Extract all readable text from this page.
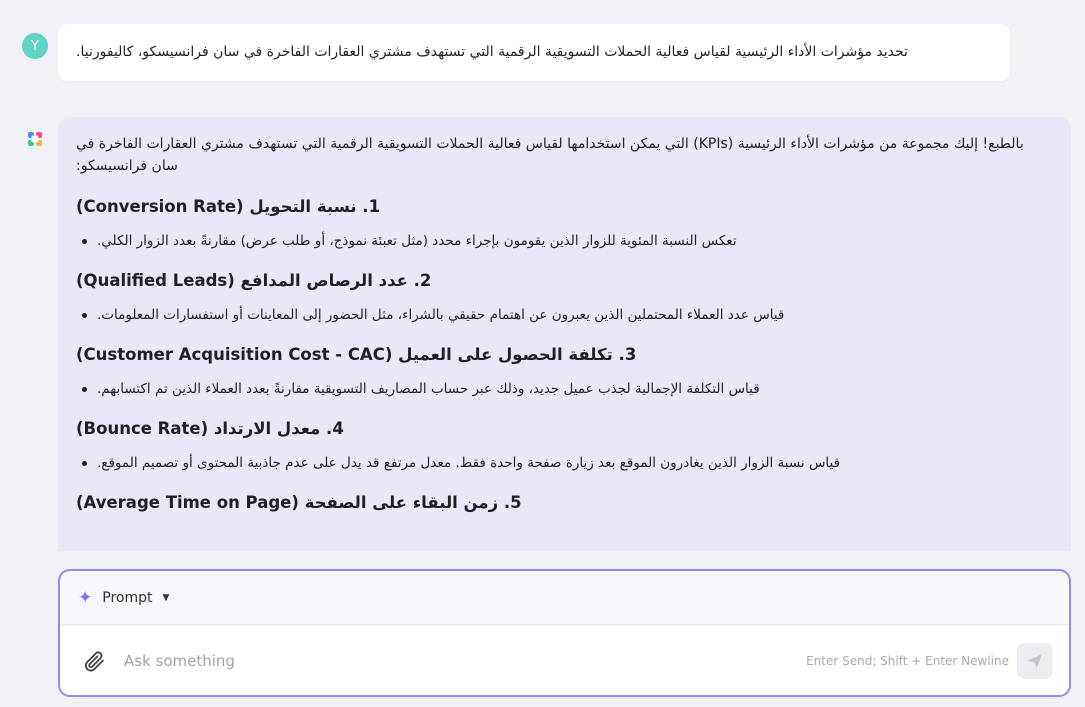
Y	تحديد مؤشرات الأداء الرئيسية لقياس فعالية الحملات التسويقية الرقمية التي تستهدف مشتري العقارات الفاخرة في سان فرانسيسكو، كاليفورنيا.
بالطبع! إليك مجموعة من مؤشرات الأداء الرئيسية (KPIs) التي يمكن استخدامها لقياس فعالية الحملات التسويقية الرقمية التي تستهدف مشتري العقارات الفاخرة في سان فرانسيسكو:
1. نسبة التحويل (Conversion Rate)
تعكس النسبة المئوية للزوار الذين يقومون بإجراء محدد (مثل تعبئة نموذج، أو طلب عرض) مقارنةً بعدد الزوار الكلي.
2. عدد الرصاص المدافع (Qualified Leads)
قياس عدد العملاء المحتملين الذين يعبرون عن اهتمام حقيقي بالشراء، مثل الحضور إلى المعاينات أو استفسارات المعلومات.
3. تكلفة الحصول على العميل (Customer Acquisition Cost - CAC)
قياس التكلفة الإجمالية لجذب عميل جديد، وذلك عبر حساب المصاريف التسويقية مقارنةً بعدد العملاء الذين تم اكتسابهم.
4. معدل الارتداد (Bounce Rate)
قياس نسبة الزوار الذين يغادرون الموقع بعد زيارة صفحة واحدة فقط. معدل مرتفع قد يدل على عدم جاذبية المحتوى أو تصميم الموقع.
5. زمن البقاء على الصفحة (Average Time on Page)
✦ Prompt ▼
Ask something
Enter Send; Shift + Enter Newline
